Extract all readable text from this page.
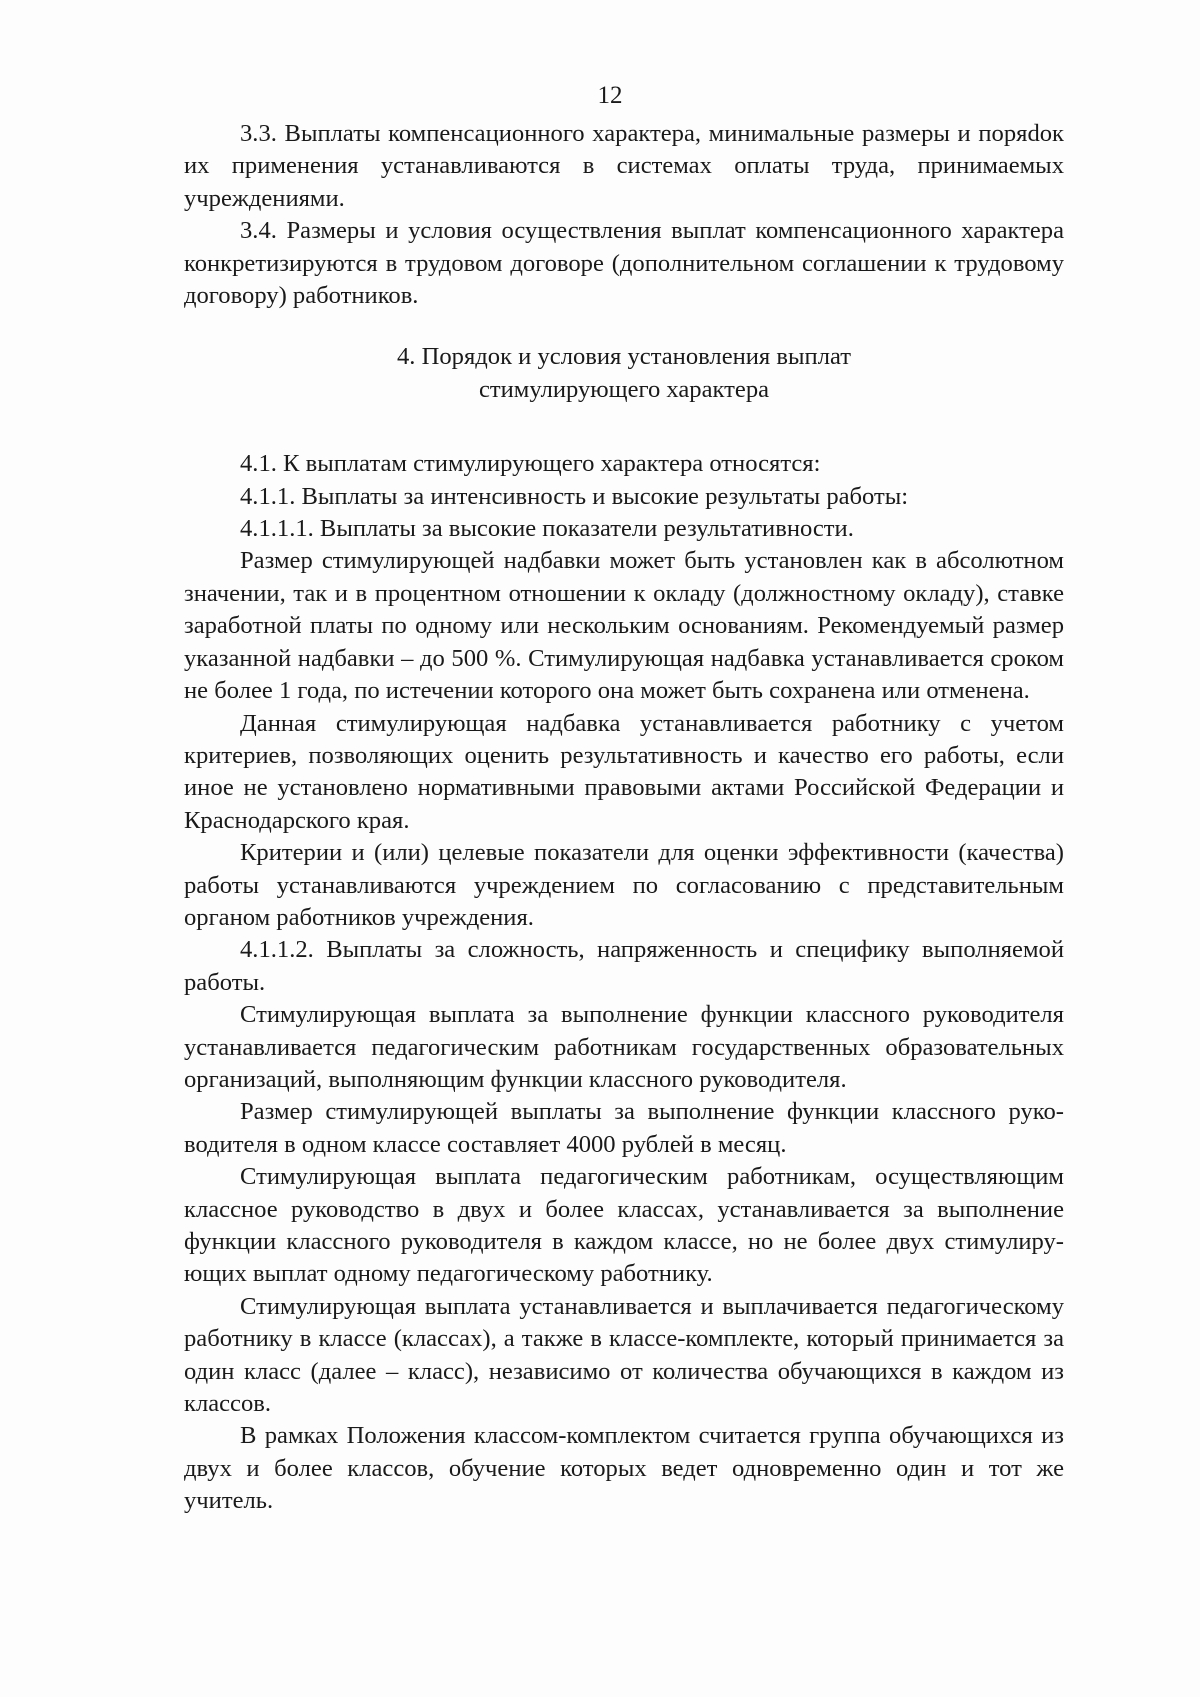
12

3.3. Выплаты компенсационного характера, минимальные размеры и поряdок их применения устанавливаются в системах оплаты труда, принимаемых учреждениями.

3.4. Размеры и условия осуществления выплат компенсационного характера конкретизируются в трудовом договоре (дополнительном соглашении к трудовому договору) работников.

4. Порядок и условия установления выплат
стимулирующего характера

4.1. К выплатам стимулирующего характера относятся:

4.1.1. Выплаты за интенсивность и высокие результаты работы:

4.1.1.1. Выплаты за высокие показатели результативности.

Размер стимулирующей надбавки может быть установлен как в абсолютном значении, так и в процентном отношении к окладу (должностному окладу), ставке заработной платы по одному или нескольким основаниям. Рекомендуемый размер указанной надбавки – до 500 %. Стимулирующая надбавка устанавливается сроком не более 1 года, по истечении которого она может быть сохранена или отменена.

Данная стимулирующая надбавка устанавливается работнику с учетом критериев, позволяющих оценить результативность и качество его работы, если иное не установлено нормативными правовыми актами Российской Федерации и Краснодарского края.

Критерии и (или) целевые показатели для оценки эффективности (качества) работы устанавливаются учреждением по согласованию с представительным органом работников учреждения.

4.1.1.2. Выплаты за сложность, напряженность и специфику выполняемой работы.

Стимулирующая выплата за выполнение функции классного руководителя устанавливается педагогическим работникам государственных образовательных организаций, выполняющим функции классного руководителя.

Размер стимулирующей выплаты за выполнение функции классного руководителя в одном классе составляет 4000 рублей в месяц.

Стимулирующая выплата педагогическим работникам, осуществляющим классное руководство в двух и более классах, устанавливается за выполнение функции классного руководителя в каждом классе, но не более двух стимулирующих выплат одному педагогическому работнику.

Стимулирующая выплата устанавливается и выплачивается педагогическому работнику в классе (классах), а также в классе-комплекте, который принимается за один класс (далее – класс), независимо от количества обучающихся в каждом из классов.

В рамках Положения классом-комплектом считается группа обучающихся из двух и более классов, обучение которых ведет одновременно один и тот же учитель.
